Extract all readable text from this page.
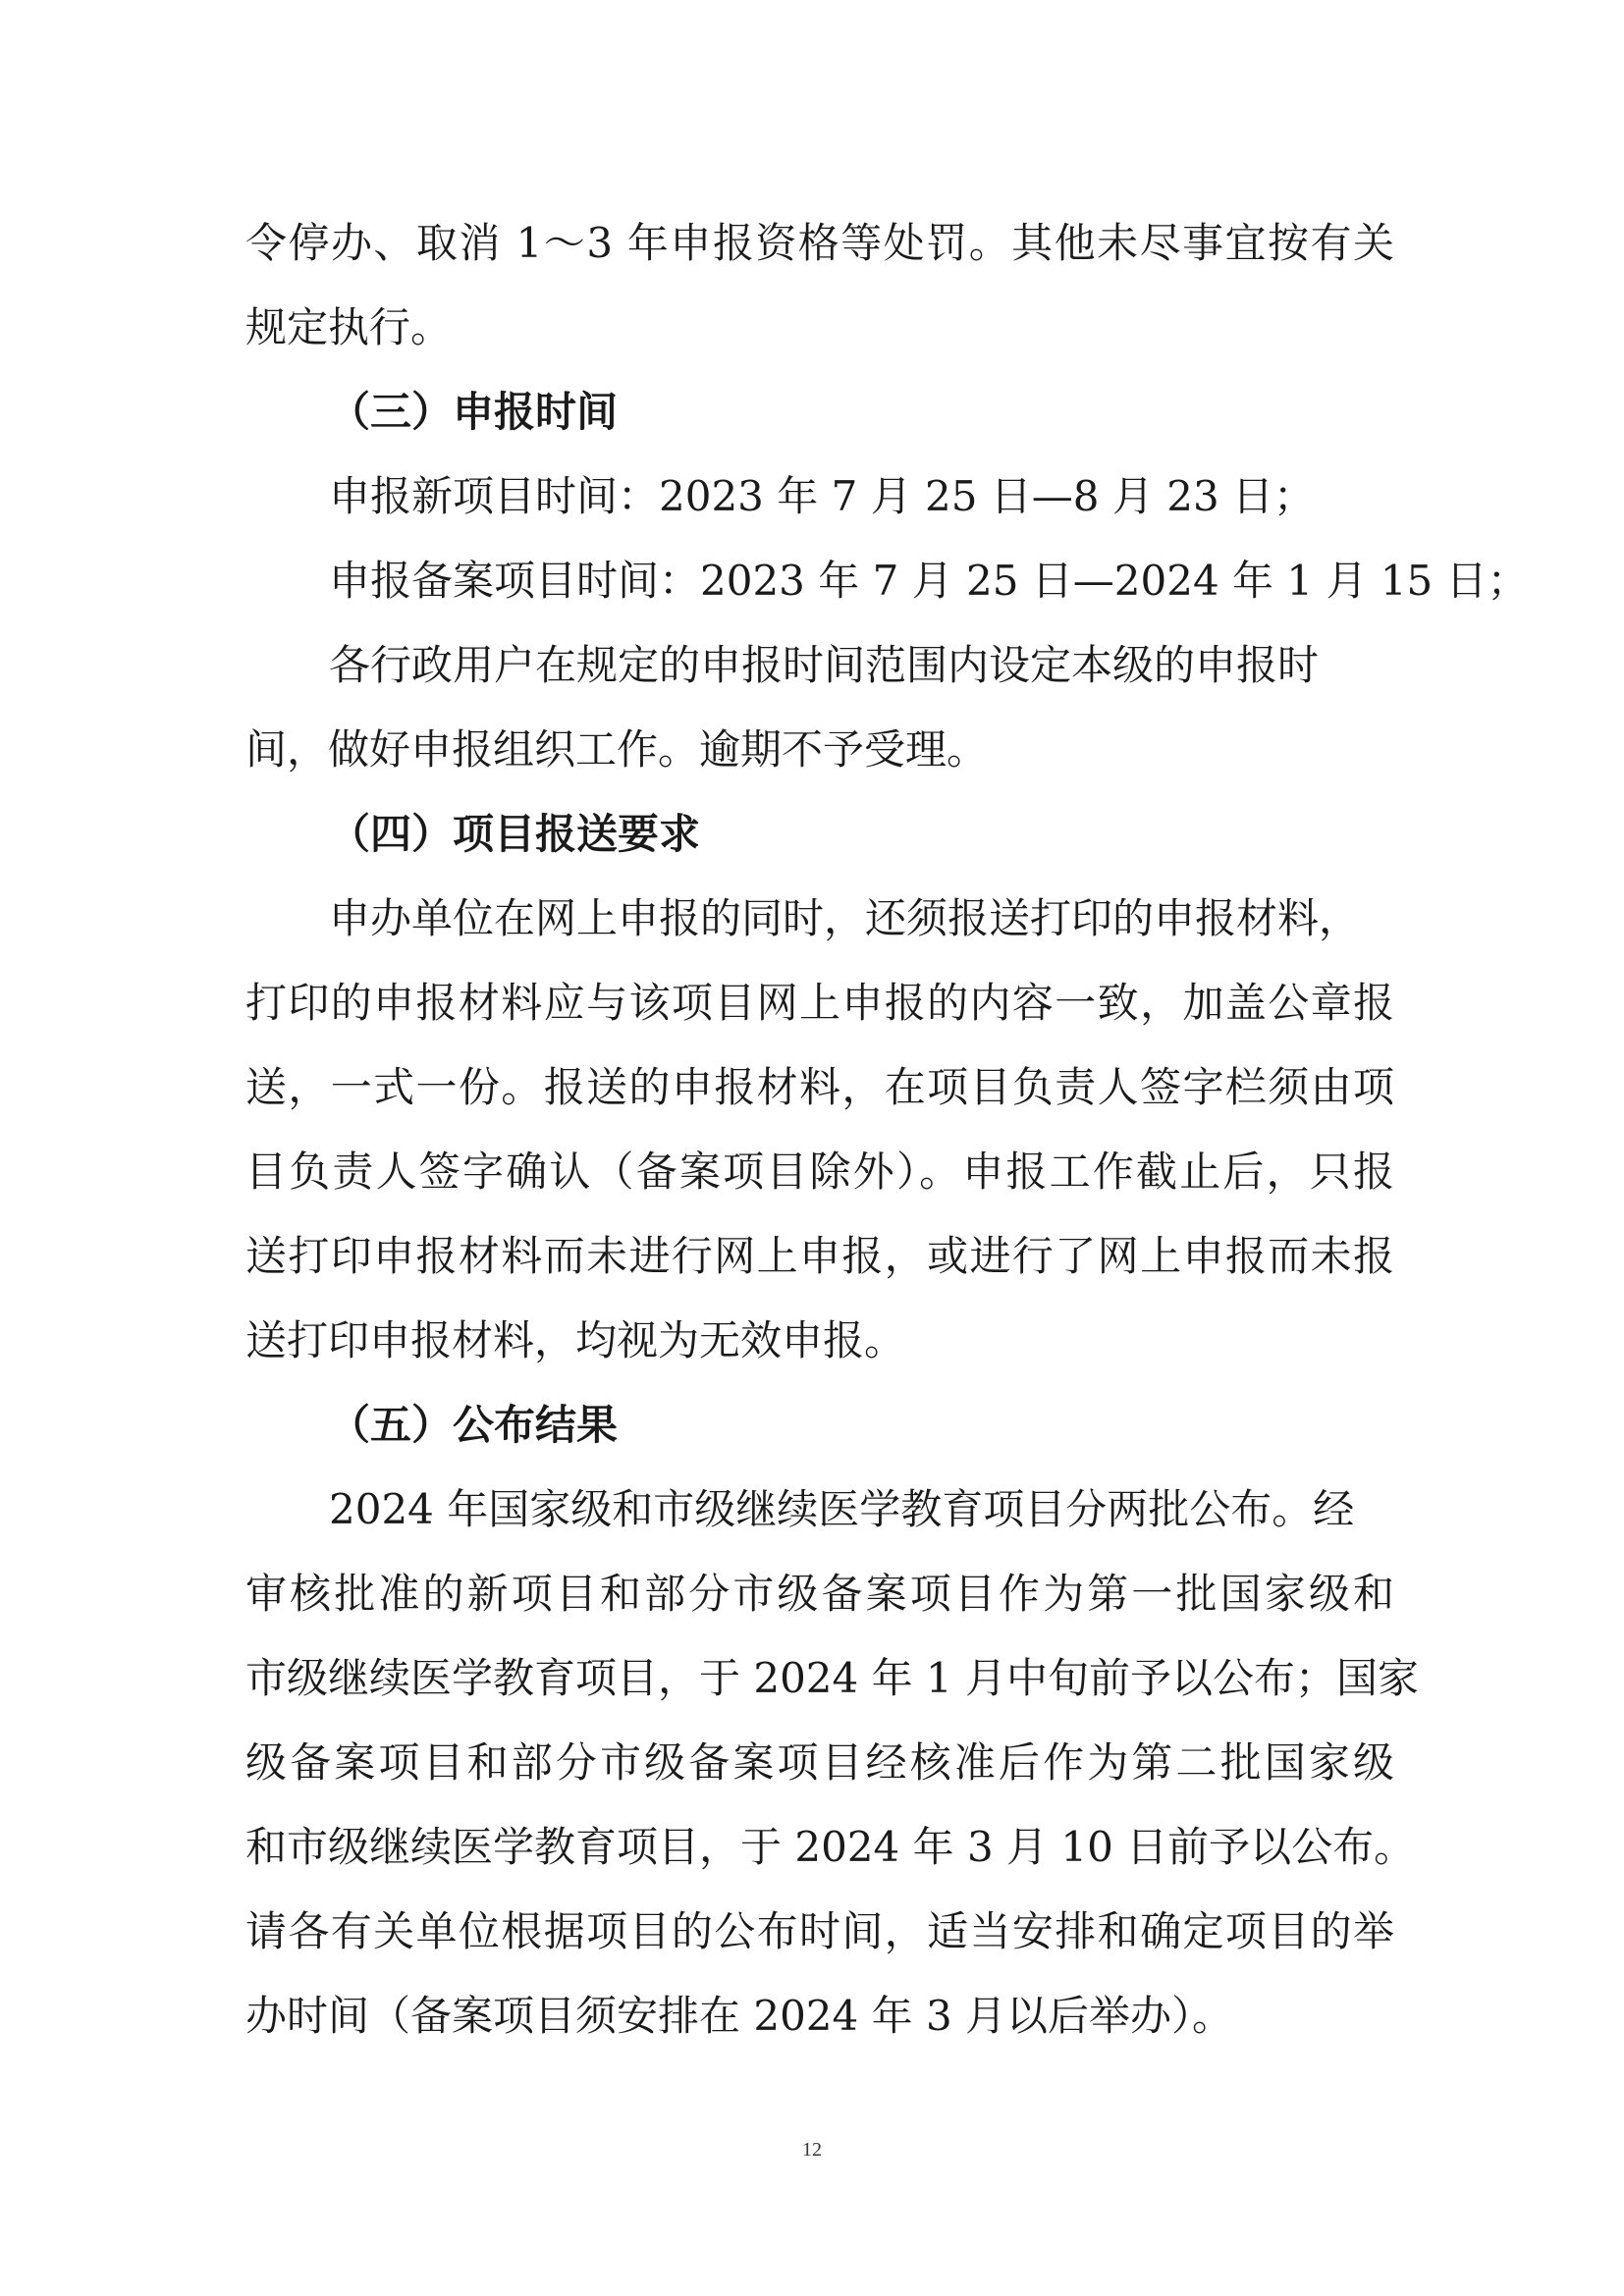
令停办、取消 1～3 年申报资格等处罚。其他未尽事宜按有关
规定执行。
（三）申报时间
申报新项目时间：2023 年 7 月 25 日—8 月 23 日；
申报备案项目时间：2023 年 7 月 25 日—2024 年 1 月 15 日；
各行政用户在规定的申报时间范围内设定本级的申报时
间，做好申报组织工作。逾期不予受理。
（四）项目报送要求
申办单位在网上申报的同时，还须报送打印的申报材料，
打印的申报材料应与该项目网上申报的内容一致，加盖公章报
送，一式一份。报送的申报材料，在项目负责人签字栏须由项
目负责人签字确认（备案项目除外）。申报工作截止后，只报
送打印申报材料而未进行网上申报，或进行了网上申报而未报
送打印申报材料，均视为无效申报。
（五）公布结果
2024 年国家级和市级继续医学教育项目分两批公布。经
审核批准的新项目和部分市级备案项目作为第一批国家级和
市级继续医学教育项目，于 2024 年 1 月中旬前予以公布；国家
级备案项目和部分市级备案项目经核准后作为第二批国家级
和市级继续医学教育项目，于 2024 年 3 月 10 日前予以公布。
请各有关单位根据项目的公布时间，适当安排和确定项目的举
办时间（备案项目须安排在 2024 年 3 月以后举办）。
12
